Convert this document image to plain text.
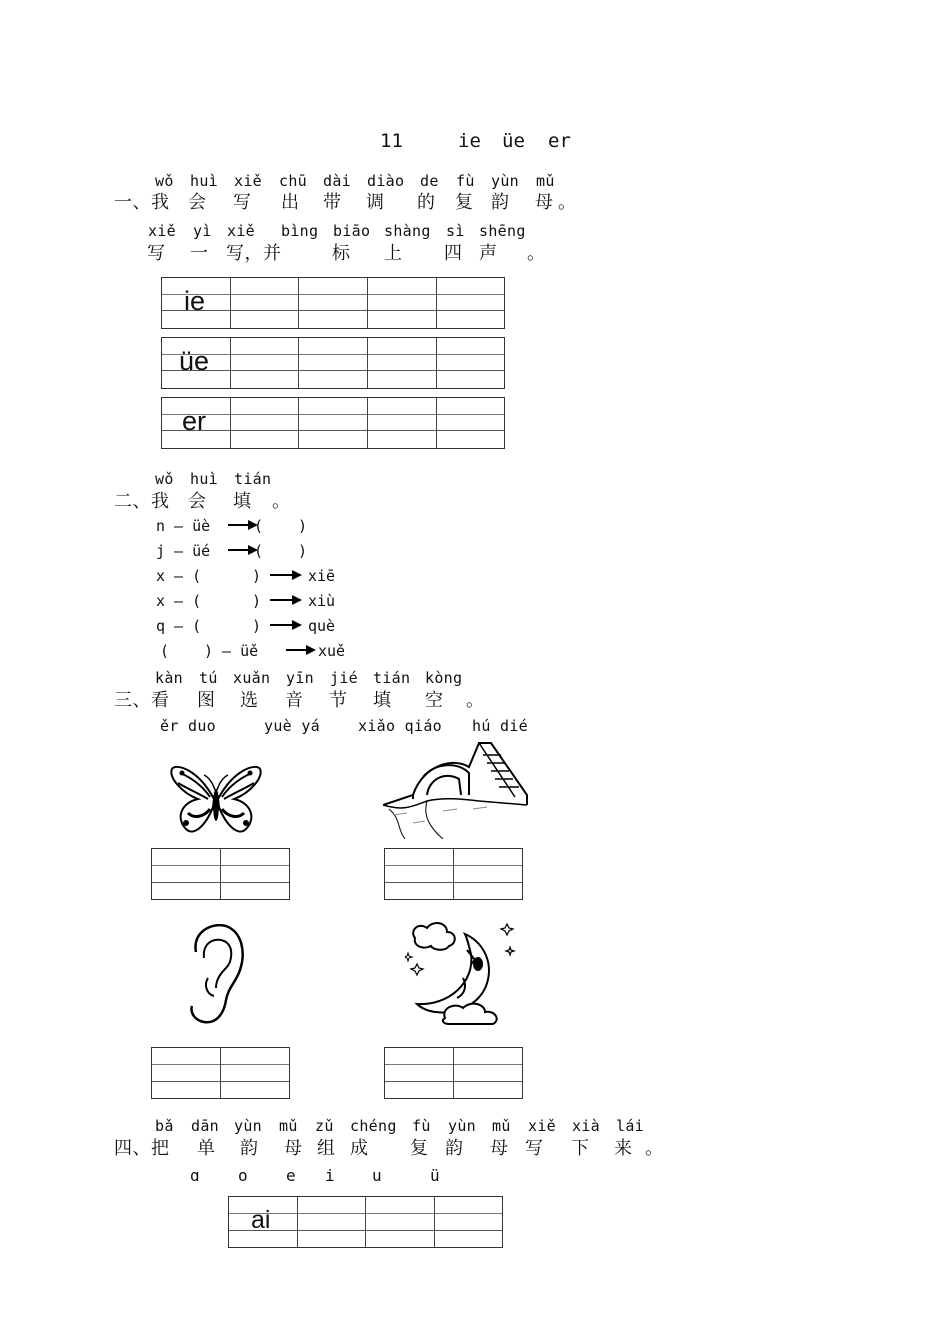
11	ie üe er
wǒ huì xiě chū dài diào de fù yùn mǔ
一、我 会 写 出 带 调 的 复 韵 母 。
xiě yì xiě bìng biāo shàng sì shēng
写 一 写，并	标 上 四 声 。
ie
üe
er
wǒ huì tián
二、我 会 填 。
n — üè	( )
j — üé	( )
x — (	)	xiē
x — (	)	xiù
q — (	)	què
( ) — üě	xuě
kàn tú xuǎn yīn jié tián kòng
三、看 图 选 音 节 填 空 。
ěr duo	yuè yá	xiǎo qiáo hú dié
bǎ dān yùn mǔ zǔ chéng fù yùn mǔ xiě xià lái
四、把 单 韵 母 组 成 复 韵 母 写 下 来 。
ɑ o e i u	ü
ai
